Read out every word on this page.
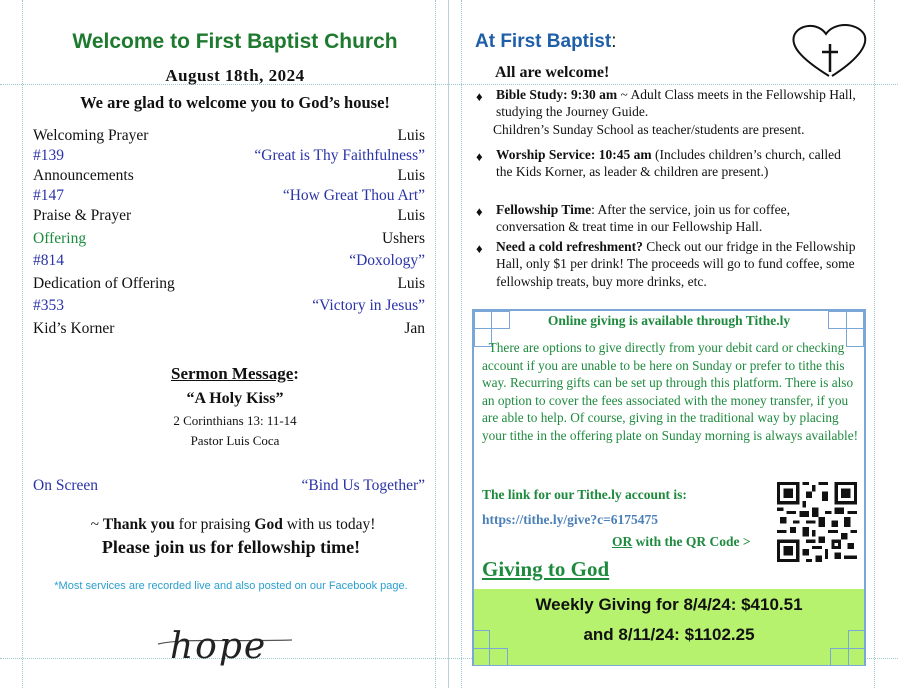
Welcome to First Baptist Church
August 18th, 2024
We are glad to welcome you to God’s house!
Welcoming Prayer	Luis
#139	“Great is Thy Faithfulness”
Announcements	Luis
#147	“How Great Thou Art”
Praise & Prayer	Luis
Offering	Ushers
#814	“Doxology”
Dedication of Offering	Luis
#353	“Victory in Jesus”
Kid’s Korner	Jan
Sermon Message:
“A Holy Kiss”
2 Corinthians 13: 11-14
Pastor Luis Coca
On Screen	“Bind Us Together”
~ Thank you for praising God with us today!
Please join us for fellowship time!
*Most services are recorded live and also posted on our Facebook page.
hope
At First Baptist:
All are welcome!
♦ Bible Study: 9:30 am ~ Adult Class meets in the Fellowship Hall, studying the Journey Guide.
Children’s Sunday School as teacher/students are present.
♦ Worship Service: 10:45 am (Includes children’s church, called the Kids Korner, as leader & children are present.)
♦ Fellowship Time: After the service, join us for coffee, conversation & treat time in our Fellowship Hall.
♦ Need a cold refreshment? Check out our fridge in the Fellowship Hall, only $1 per drink! The proceeds will go to fund coffee, some fellowship treats, buy more drinks, etc.
Online giving is available through Tithe.ly
There are options to give directly from your debit card or checking account if you are unable to be here on Sunday or prefer to tithe this way. Recurring gifts can be set up through this platform. There is also an option to cover the fees associated with the money transfer, if you are able to help. Of course, giving in the traditional way by placing your tithe in the offering plate on Sunday morning is always available!
The link for our Tithe.ly account is:
https://tithe.ly/give?c=6175475
OR with the QR Code >
Giving to God
Weekly Giving for 8/4/24: $410.51
and 8/11/24: $1102.25
